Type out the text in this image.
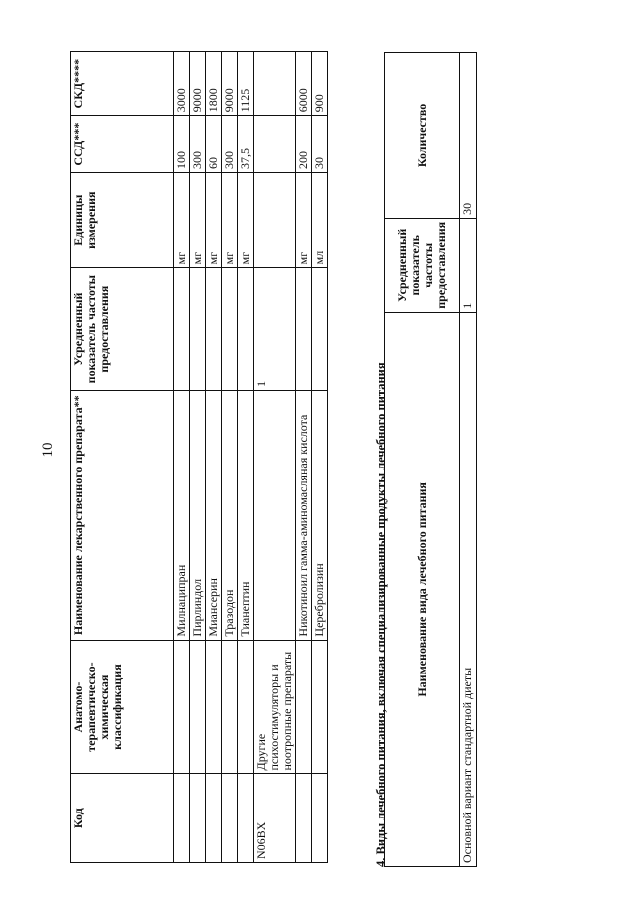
10
Код	Анатомо-терапевтическо-химическая классификация	Наименование лекарственного препарата**	Усредненный показатель частоты предоставления	Единицы измерения	ССД***	СКД****
		Милнаципран		мг	100	3000
		Пирлиндол		мг	300	9000
		Миансерин		мг	60	1800
		Тразодон		мг	300	9000
		Тианептин		мг	37,5	1125
N06BX	Другие психостимуляторы и ноотропные препараты		1			
		Никотиноил гамма-аминомасляная кислота		мг	200	6000
		Церебролизин		мл	30	900
4. Виды лечебного питания, включая специализированные продукты лечебного питания Наименование вида лечебного питания	Усредненный показатель частоты предоставления	Количество
Основной вариант стандартной диеты	1	30
